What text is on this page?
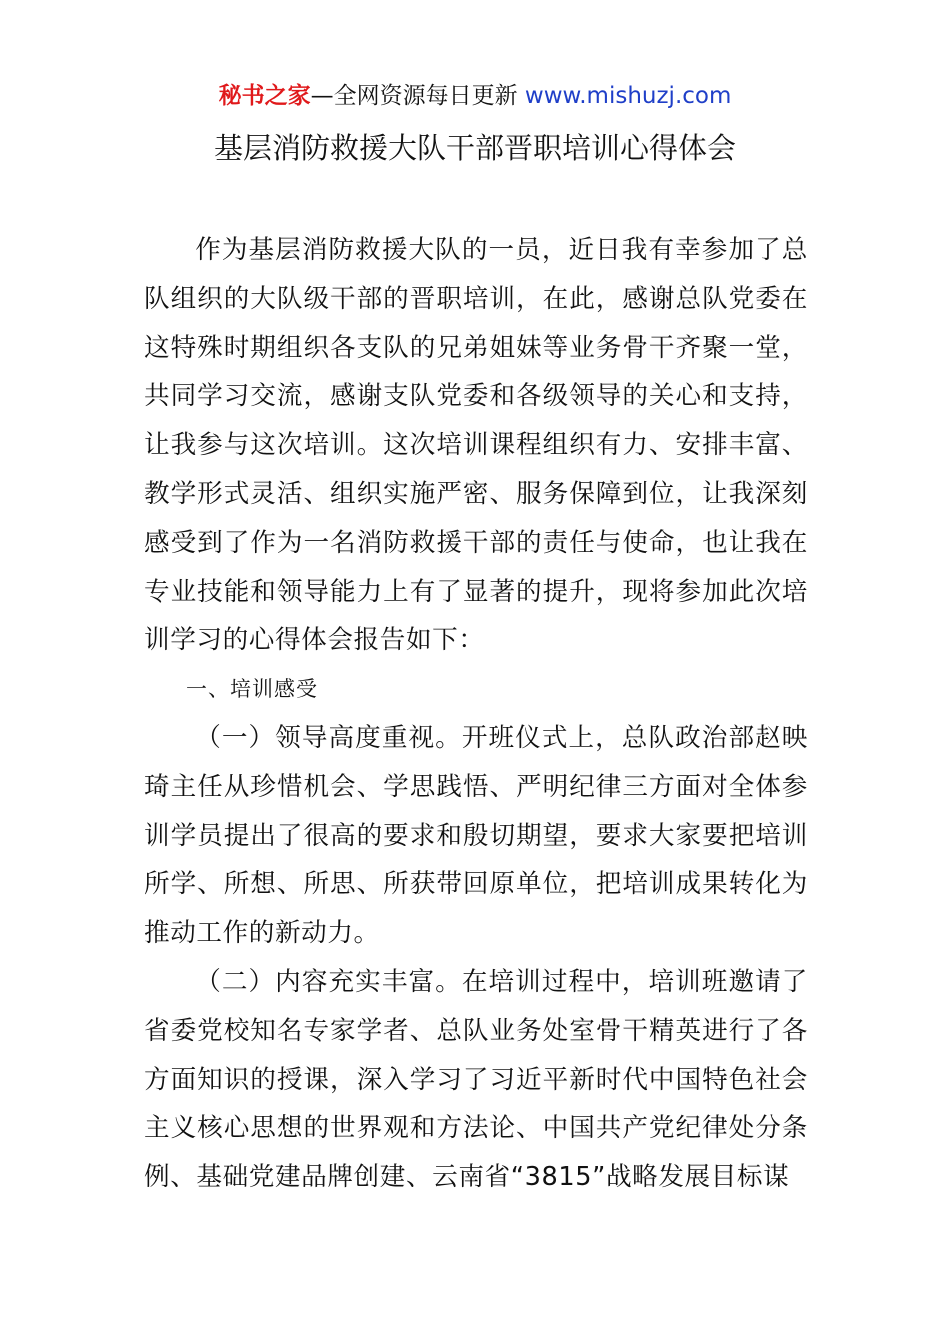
秘书之家—全网资源每日更新 www.mishuzj.com
基层消防救援大队干部晋职培训心得体会

作为基层消防救援大队的一员，近日我有幸参加了总队组织的大队级干部的晋职培训，在此，感谢总队党委在这特殊时期组织各支队的兄弟姐妹等业务骨干齐聚一堂，共同学习交流，感谢支队党委和各级领导的关心和支持，让我参与这次培训。这次培训课程组织有力、安排丰富、教学形式灵活、组织实施严密、服务保障到位，让我深刻感受到了作为一名消防救援干部的责任与使命，也让我在专业技能和领导能力上有了显著的提升，现将参加此次培训学习的心得体会报告如下：

一、培训感受

（一）领导高度重视。开班仪式上，总队政治部赵映琦主任从珍惜机会、学思践悟、严明纪律三方面对全体参训学员提出了很高的要求和殷切期望，要求大家要把培训所学、所想、所思、所获带回原单位，把培训成果转化为推动工作的新动力。

（二）内容充实丰富。在培训过程中，培训班邀请了省委党校知名专家学者、总队业务处室骨干精英进行了各方面知识的授课，深入学习了习近平新时代中国特色社会主义核心思想的世界观和方法论、中国共产党纪律处分条例、基础党建品牌创建、云南省“3815”战略发展目标谋
